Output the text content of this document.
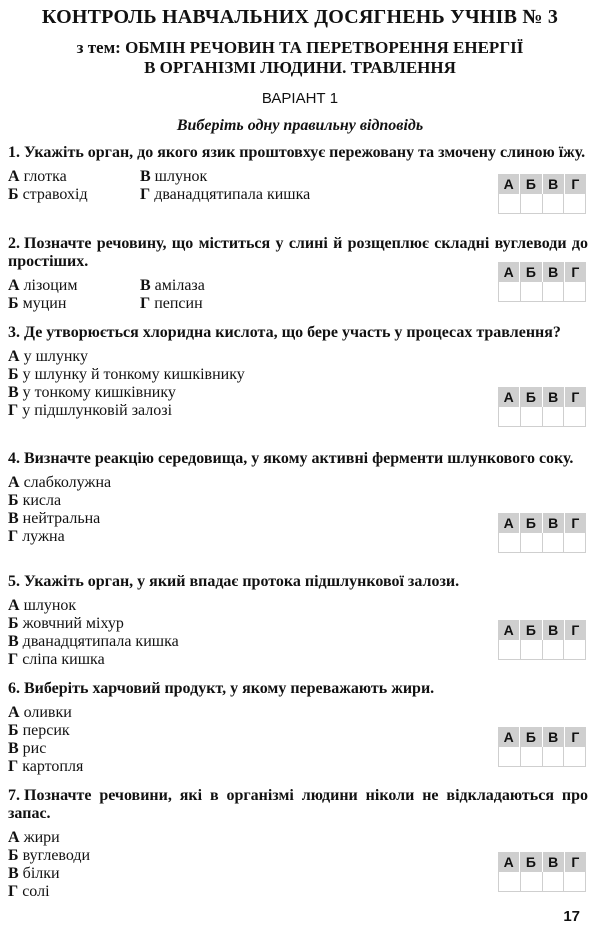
КОНТРОЛЬ НАВЧАЛЬНИХ ДОСЯГНЕНЬ УЧНІВ № 3
з тем: ОБМІН РЕЧОВИН ТА ПЕРЕТВОРЕННЯ ЕНЕРГІЇ
В ОРГАНІЗМІ ЛЮДИНИ. ТРАВЛЕННЯ
ВАРІАНТ 1
Виберіть одну правильну відповідь

1. Укажіть орган, до якого язик проштовхує пережовану та змочену слиною їжу.

А глотка	В шлунок
Б стравохід	Г дванадцятипала кишка
А Б В Г

2. Позначте речовину, що міститься у слині й розщеплює складні вуглеводи до простіших.

А лізоцим	В амілаза
Б муцин	Г пепсин
А Б В Г

3. Де утворюється хлоридна кислота, що бере участь у процесах травлення?

А у шлунку
Б у шлунку й тонкому кишківнику
В у тонкому кишківнику
Г у підшлунковій залозі
А Б В Г

4. Визначте реакцію середовища, у якому активні ферменти шлункового соку.

А слабколужна
Б кисла
В нейтральна
Г лужна
А Б В Г

5. Укажіть орган, у який впадає протока підшлункової залози.

А шлунок
Б жовчний міхур
В дванадцятипала кишка
Г сліпа кишка
А Б В Г

6. Виберіть харчовий продукт, у якому переважають жири.

А оливки
Б персик
В рис
Г картопля
А Б В Г

7. Позначте речовини, які в організмі людини ніколи не відкладаються про запас.

А жири
Б вуглеводи
В білки
Г солі
А Б В Г
17
